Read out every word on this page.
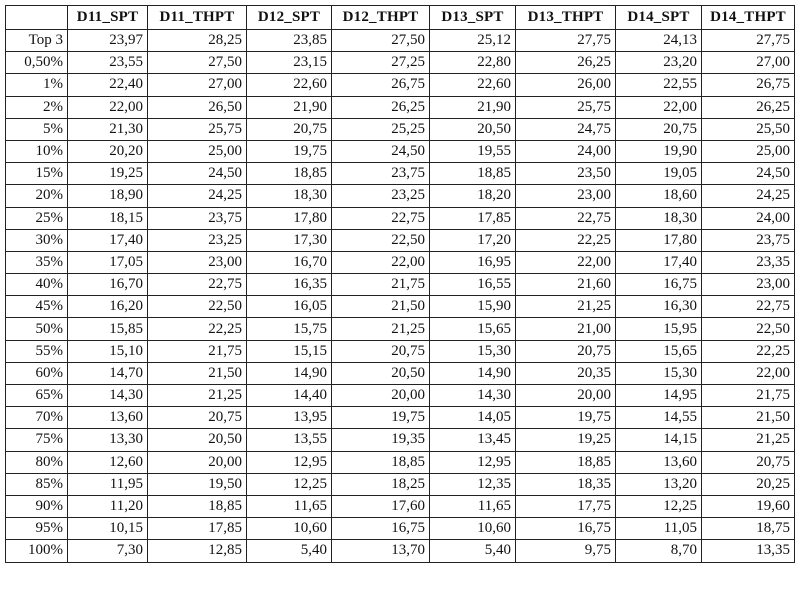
	D11_SPT	D11_THPT	D12_SPT	D12_THPT	D13_SPT	D13_THPT	D14_SPT	D14_THPT
Top 3	23,97	28,25	23,85	27,50	25,12	27,75	24,13	27,75
0,50%	23,55	27,50	23,15	27,25	22,80	26,25	23,20	27,00
1%	22,40	27,00	22,60	26,75	22,60	26,00	22,55	26,75
2%	22,00	26,50	21,90	26,25	21,90	25,75	22,00	26,25
5%	21,30	25,75	20,75	25,25	20,50	24,75	20,75	25,50
10%	20,20	25,00	19,75	24,50	19,55	24,00	19,90	25,00
15%	19,25	24,50	18,85	23,75	18,85	23,50	19,05	24,50
20%	18,90	24,25	18,30	23,25	18,20	23,00	18,60	24,25
25%	18,15	23,75	17,80	22,75	17,85	22,75	18,30	24,00
30%	17,40	23,25	17,30	22,50	17,20	22,25	17,80	23,75
35%	17,05	23,00	16,70	22,00	16,95	22,00	17,40	23,35
40%	16,70	22,75	16,35	21,75	16,55	21,60	16,75	23,00
45%	16,20	22,50	16,05	21,50	15,90	21,25	16,30	22,75
50%	15,85	22,25	15,75	21,25	15,65	21,00	15,95	22,50
55%	15,10	21,75	15,15	20,75	15,30	20,75	15,65	22,25
60%	14,70	21,50	14,90	20,50	14,90	20,35	15,30	22,00
65%	14,30	21,25	14,40	20,00	14,30	20,00	14,95	21,75
70%	13,60	20,75	13,95	19,75	14,05	19,75	14,55	21,50
75%	13,30	20,50	13,55	19,35	13,45	19,25	14,15	21,25
80%	12,60	20,00	12,95	18,85	12,95	18,85	13,60	20,75
85%	11,95	19,50	12,25	18,25	12,35	18,35	13,20	20,25
90%	11,20	18,85	11,65	17,60	11,65	17,75	12,25	19,60
95%	10,15	17,85	10,60	16,75	10,60	16,75	11,05	18,75
100%	7,30	12,85	5,40	13,70	5,40	9,75	8,70	13,35
